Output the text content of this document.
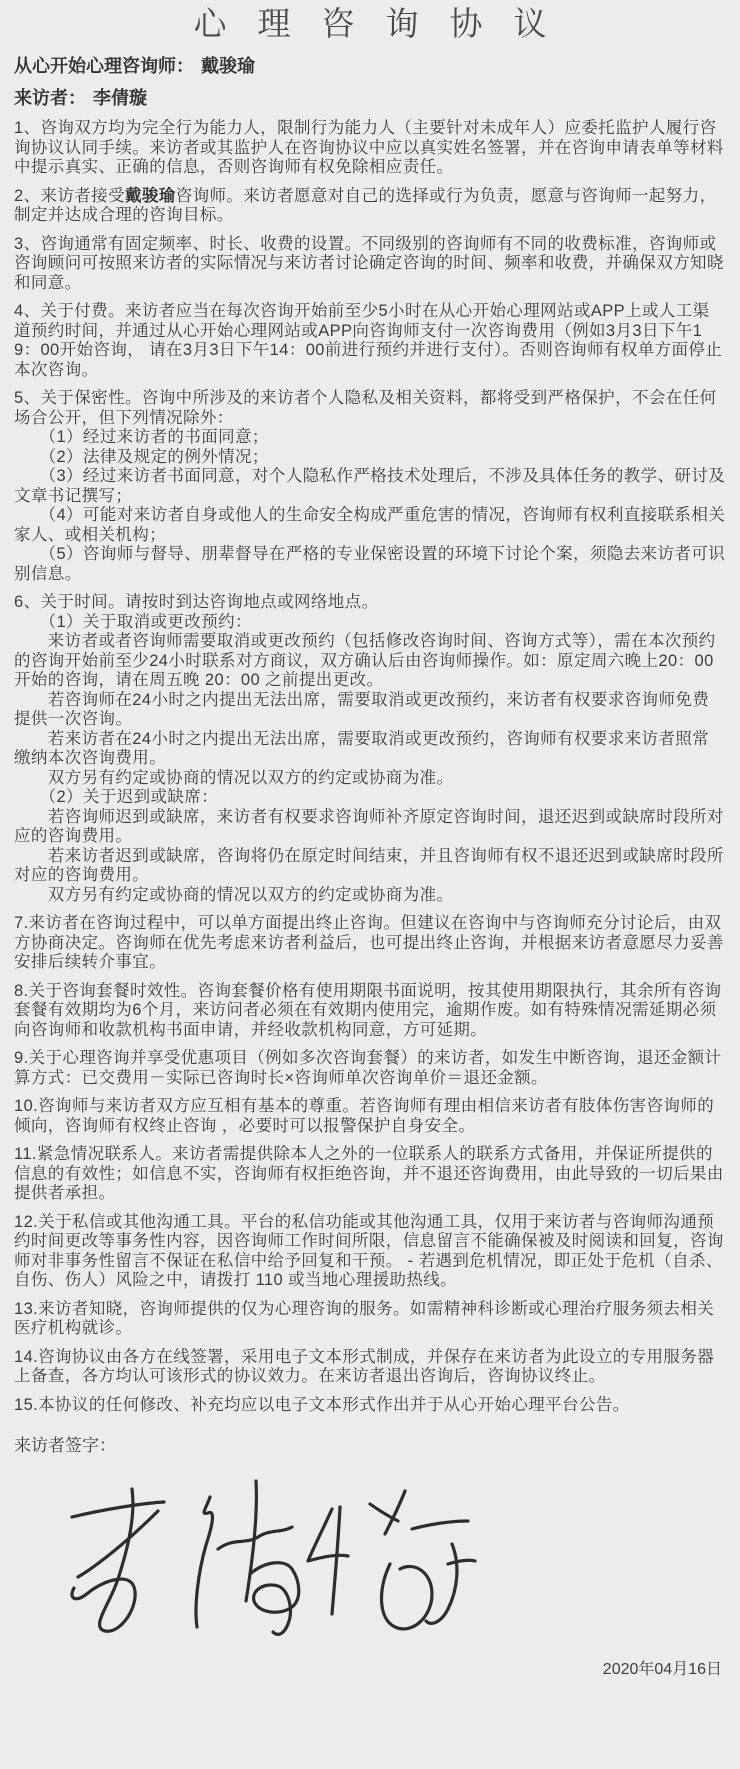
心理咨询协议

从心开始心理咨询师： 戴骏瑜

来访者： 李倩璇

1、咨询双方均为完全行为能力人，限制行为能力人（主要针对未成年人）应委托监护人履行咨询协议认同手续。来访者或其监护人在咨询协议中应以真实姓名签署，并在咨询申请表单等材料中提示真实、正确的信息，否则咨询师有权免除相应责任。

2、来访者接受戴骏瑜咨询师。来访者愿意对自己的选择或行为负责，愿意与咨询师一起努力，制定并达成合理的咨询目标。

3、咨询通常有固定频率、时长、收费的设置。不同级别的咨询师有不同的收费标准，咨询师或咨询顾问可按照来访者的实际情况与来访者讨论确定咨询的时间、频率和收费，并确保双方知晓和同意。

4、关于付费。来访者应当在每次咨询开始前至少5小时在从心开始心理网站或APP上或人工渠道预约时间，并通过从心开始心理网站或APP向咨询师支付一次咨询费用（例如3月3日下午19：00开始咨询， 请在3月3日下午14：00前进行预约并进行支付）。否则咨询师有权单方面停止本次咨询。

5、关于保密性。咨询中所涉及的来访者个人隐私及相关资料，都将受到严格保护，不会在任何场合公开，但下列情况除外：

　　（1）经过来访者的书面同意；

　　（2）法律及规定的例外情况；

　　（3）经过来访者书面同意，对个人隐私作严格技术处理后，不涉及具体任务的教学、研讨及文章书记撰写；

　　（4）可能对来访者自身或他人的生命安全构成严重危害的情况，咨询师有权利直接联系相关家人、或相关机构；

　　（5）咨询师与督导、朋辈督导在严格的专业保密设置的环境下讨论个案，须隐去来访者可识别信息。

6、关于时间。请按时到达咨询地点或网络地点。

　　（1）关于取消或更改预约：

　　来访者或者咨询师需要取消或更改预约（包括修改咨询时间、咨询方式等），需在本次预约的咨询开始前至少24小时联系对方商议，双方确认后由咨询师操作。如：原定周六晚上20：00 开始的咨询，请在周五晚 20：00 之前提出更改。

　　若咨询师在24小时之内提出无法出席，需要取消或更改预约，来访者有权要求咨询师免费提供一次咨询。

　　若来访者在24小时之内提出无法出席，需要取消或更改预约，咨询师有权要求来访者照常缴纳本次咨询费用。

　　双方另有约定或协商的情况以双方的约定或协商为准。

　　（2）关于迟到或缺席：

　　若咨询师迟到或缺席，来访者有权要求咨询师补齐原定咨询时间，退还迟到或缺席时段所对应的咨询费用。

　　若来访者迟到或缺席，咨询将仍在原定时间结束，并且咨询师有权不退还迟到或缺席时段所对应的咨询费用。

　　双方另有约定或协商的情况以双方的约定或协商为准。

7.来访者在咨询过程中，可以单方面提出终止咨询。但建议在咨询中与咨询师充分讨论后，由双方协商决定。咨询师在优先考虑来访者利益后，也可提出终止咨询，并根据来访者意愿尽力妥善安排后续转介事宜。

8.关于咨询套餐时效性。咨询套餐价格有使用期限书面说明，按其使用期限执行，其余所有咨询套餐有效期均为6个月，来访问者必须在有效期内使用完，逾期作废。如有特殊情况需延期必须向咨询师和收款机构书面申请，并经收款机构同意，方可延期。

9.关于心理咨询并享受优惠项目（例如多次咨询套餐）的来访者，如发生中断咨询，退还金额计算方式：已交费用－实际已咨询时长×咨询师单次咨询单价＝退还金额。

10.咨询师与来访者双方应互相有基本的尊重。若咨询师有理由相信来访者有肢体伤害咨询师的倾向，咨询师有权终止咨询 ，必要时可以报警保护自身安全。

11.紧急情况联系人。来访者需提供除本人之外的一位联系人的联系方式备用，并保证所提供的信息的有效性；如信息不实，咨询师有权拒绝咨询，并不退还咨询费用，由此导致的一切后果由提供者承担。

12.关于私信或其他沟通工具。平台的私信功能或其他沟通工具，仅用于来访者与咨询师沟通预约时间更改等事务性内容，因咨询师工作时间所限，信息留言不能确保被及时阅读和回复，咨询师对非事务性留言不保证在私信中给予回复和干预。 - 若遇到危机情况，即正处于危机（自杀、自伤、伤人）风险之中，请拨打 110 或当地心理援助热线。

13.来访者知晓，咨询师提供的仅为心理咨询的服务。如需精神科诊断或心理治疗服务须去相关医疗机构就诊。

14.咨询协议由各方在线签署，采用电子文本形式制成，并保存在来访者为此设立的专用服务器上备查，各方均认可该形式的协议效力。在来访者退出咨询后，咨询协议终止。

15.本协议的任何修改、补充均应以电子文本形式作出并于从心开始心理平台公告。

来访者签字：

2020年04月16日
